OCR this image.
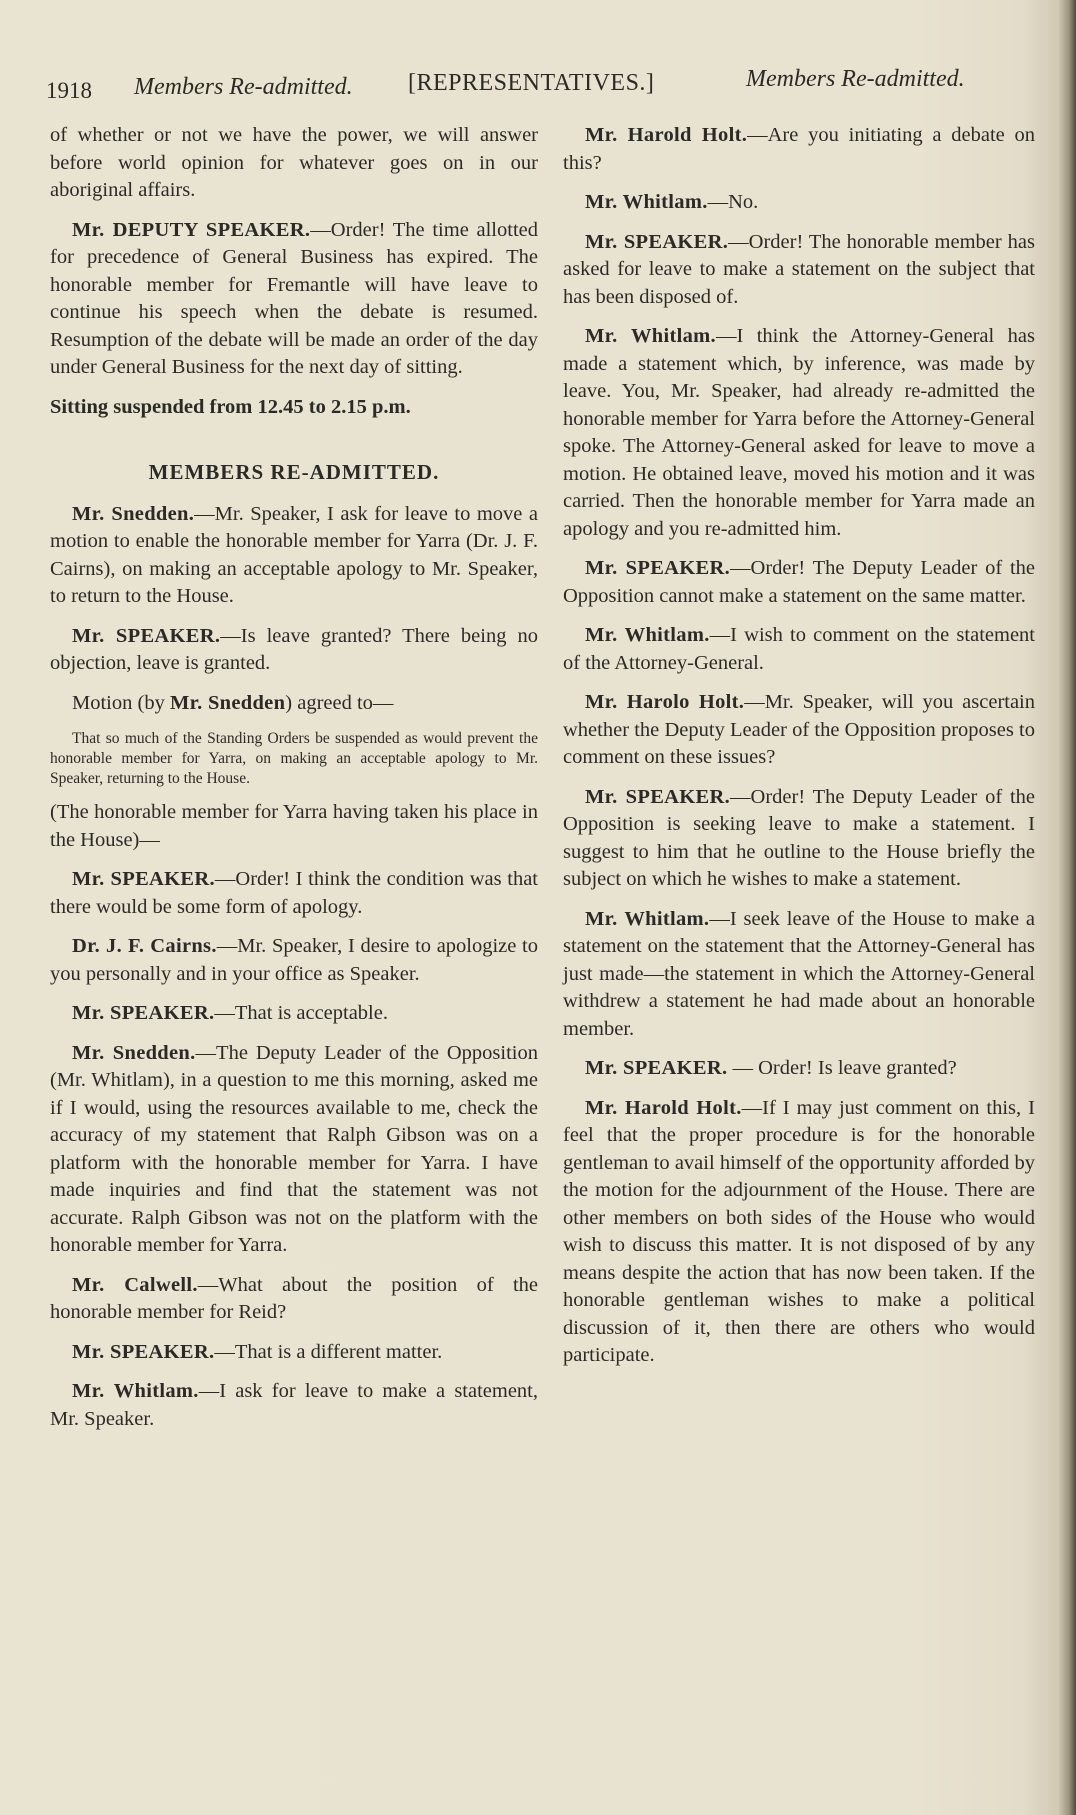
1918 Members Re-admitted. [REPRESENTATIVES.]	Members Re-admitted.

of whether or not we have the power, we will answer before world opinion for whatever goes on in our aboriginal affairs.

Mr. DEPUTY SPEAKER.—Order! The time allotted for precedence of General Business has expired. The honorable member for Fremantle will have leave to continue his speech when the debate is resumed. Resumption of the debate will be made an order of the day under General Business for the next day of sitting.

Sitting suspended from 12.45 to 2.15 p.m.

MEMBERS RE-ADMITTED.

Mr. Snedden.—Mr. Speaker, I ask for leave to move a motion to enable the honorable member for Yarra (Dr. J. F. Cairns), on making an acceptable apology to Mr. Speaker, to return to the House.

Mr. SPEAKER.—Is leave granted? There being no objection, leave is granted.

Motion (by Mr. Snedden) agreed to—

That so much of the Standing Orders be suspended as would prevent the honorable member for Yarra, on making an acceptable apology to Mr. Speaker, returning to the House.

(The honorable member for Yarra having taken his place in the House)—

Mr. SPEAKER.—Order! I think the condition was that there would be some form of apology.

Dr. J. F. Cairns.—Mr. Speaker, I desire to apologize to you personally and in your office as Speaker.

Mr. SPEAKER.—That is acceptable.

Mr. Snedden.—The Deputy Leader of the Opposition (Mr. Whitlam), in a question to me this morning, asked me if I would, using the resources available to me, check the accuracy of my statement that Ralph Gibson was on a platform with the honorable member for Yarra. I have made inquiries and find that the statement was not accurate. Ralph Gibson was not on the platform with the honorable member for Yarra.

Mr. Calwell.—What about the position of the honorable member for Reid?

Mr. SPEAKER.—That is a different matter.

Mr. Whitlam.—I ask for leave to make a statement, Mr. Speaker.

Mr. Harold Holt.—Are you initiating a debate on this?

Mr. Whitlam.—No.

Mr. SPEAKER.—Order! The honorable member has asked for leave to make a statement on the subject that has been disposed of.

Mr. Whitlam.—I think the Attorney-General has made a statement which, by inference, was made by leave. You, Mr. Speaker, had already re-admitted the honorable member for Yarra before the Attorney-General spoke. The Attorney-General asked for leave to move a motion. He obtained leave, moved his motion and it was carried. Then the honorable member for Yarra made an apology and you re-admitted him.

Mr. SPEAKER.—Order! The Deputy Leader of the Opposition cannot make a statement on the same matter.

Mr. Whitlam.—I wish to comment on the statement of the Attorney-General.

Mr. Harolo Holt.—Mr. Speaker, will you ascertain whether the Deputy Leader of the Opposition proposes to comment on these issues?

Mr. SPEAKER.—Order! The Deputy Leader of the Opposition is seeking leave to make a statement. I suggest to him that he outline to the House briefly the subject on which he wishes to make a statement.

Mr. Whitlam.—I seek leave of the House to make a statement on the statement that the Attorney-General has just made—the statement in which the Attorney-General withdrew a statement he had made about an honorable member.

Mr. SPEAKER. — Order! Is leave granted?

Mr. Harold Holt.—If I may just comment on this, I feel that the proper procedure is for the honorable gentleman to avail himself of the opportunity afforded by the motion for the adjournment of the House. There are other members on both sides of the House who would wish to discuss this matter. It is not disposed of by any means despite the action that has now been taken. If the honorable gentleman wishes to make a political discussion of it, then there are others who would participate.
